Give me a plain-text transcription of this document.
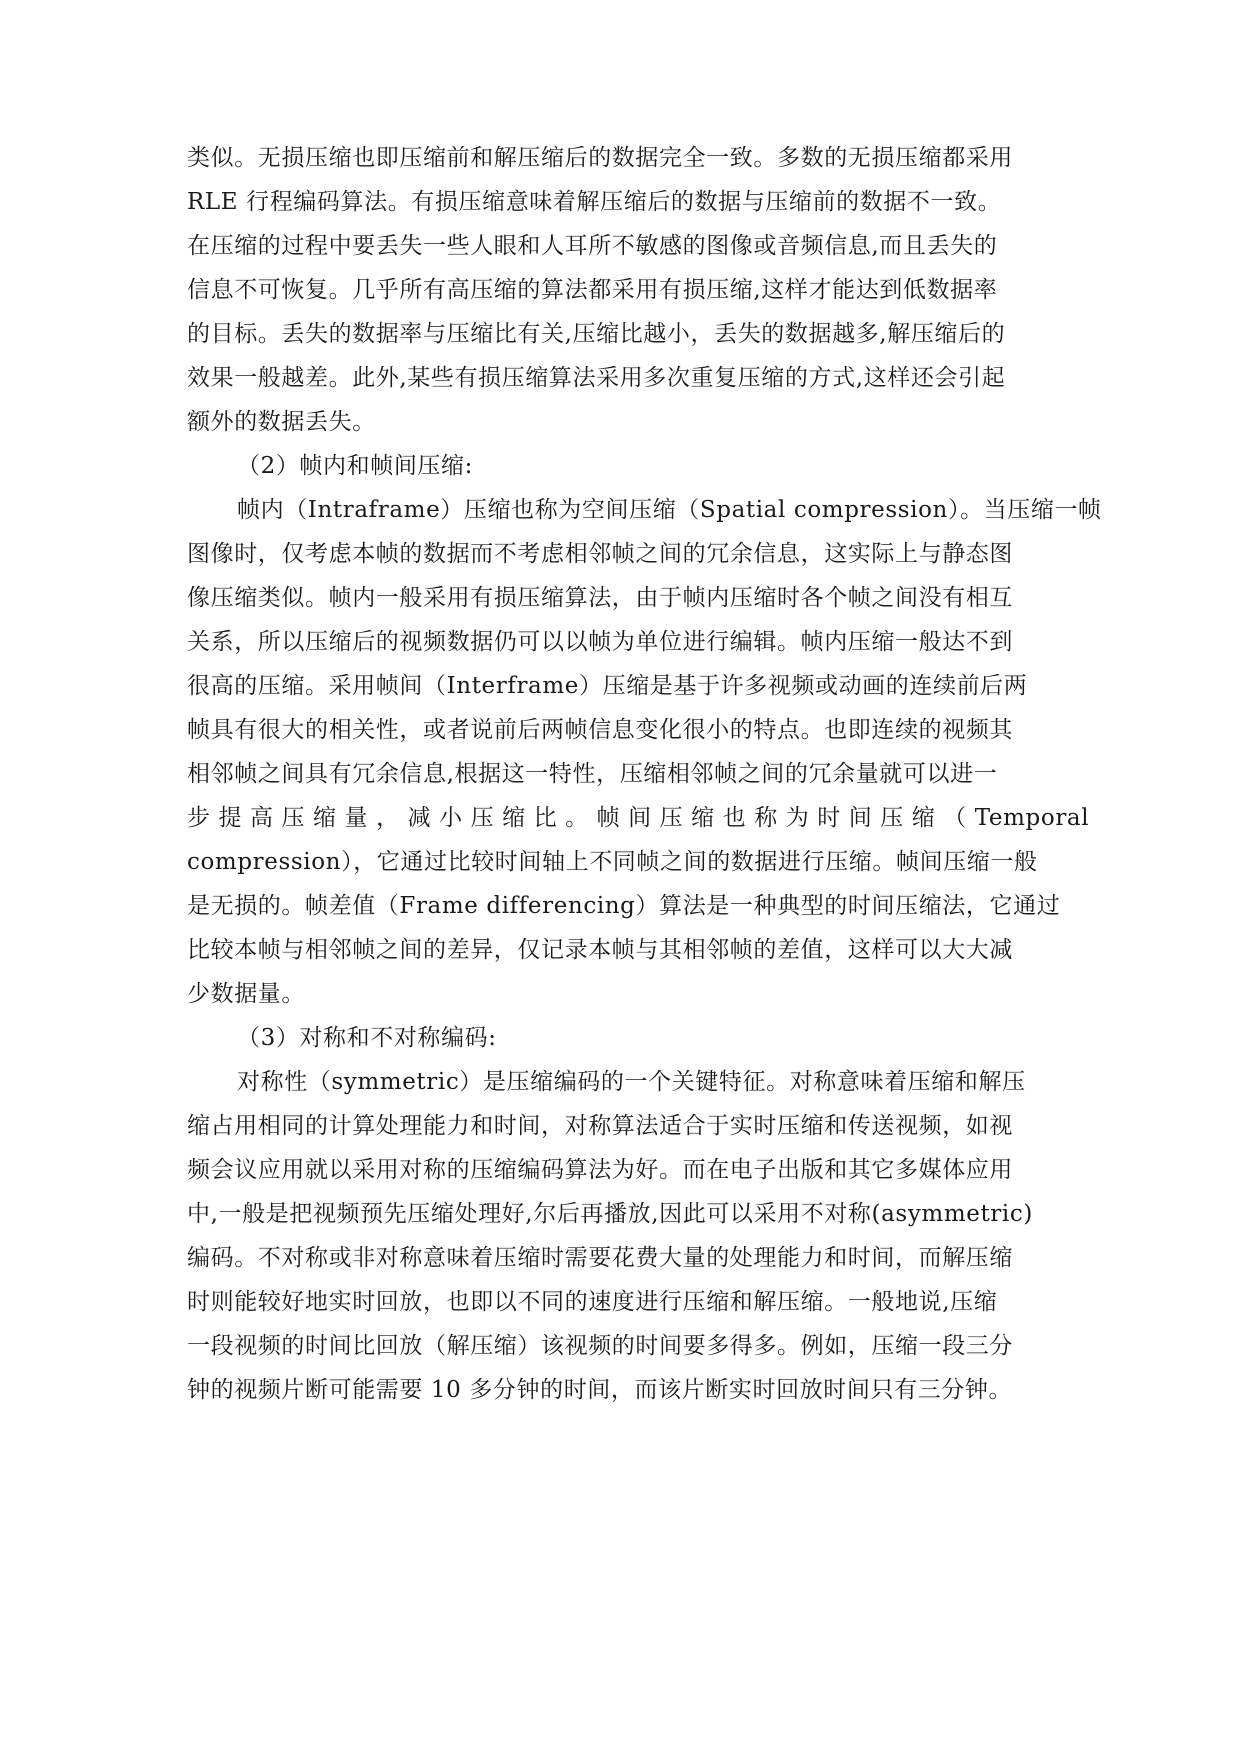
类似。无损压缩也即压缩前和解压缩后的数据完全一致。多数的无损压缩都采用
RLE 行程编码算法。有损压缩意味着解压缩后的数据与压缩前的数据不一致。
在压缩的过程中要丢失一些人眼和人耳所不敏感的图像或音频信息,而且丢失的
信息不可恢复。几乎所有高压缩的算法都采用有损压缩,这样才能达到低数据率
的目标。丢失的数据率与压缩比有关,压缩比越小，丢失的数据越多,解压缩后的
效果一般越差。此外,某些有损压缩算法采用多次重复压缩的方式,这样还会引起
额外的数据丢失。
（2）帧内和帧间压缩:
帧内（Intraframe）压缩也称为空间压缩（Spatial compression）。当压缩一帧
图像时，仅考虑本帧的数据而不考虑相邻帧之间的冗余信息，这实际上与静态图
像压缩类似。帧内一般采用有损压缩算法，由于帧内压缩时各个帧之间没有相互
关系，所以压缩后的视频数据仍可以以帧为单位进行编辑。帧内压缩一般达不到
很高的压缩。采用帧间（Interframe）压缩是基于许多视频或动画的连续前后两
帧具有很大的相关性，或者说前后两帧信息变化很小的特点。也即连续的视频其
相邻帧之间具有冗余信息,根据这一特性，压缩相邻帧之间的冗余量就可以进一
步 提 高 压 缩 量 ， 减 小 压 缩 比 。 帧 间 压 缩 也 称 为 时 间 压 缩 （ Temporal
compression），它通过比较时间轴上不同帧之间的数据进行压缩。帧间压缩一般
是无损的。帧差值（Frame differencing）算法是一种典型的时间压缩法，它通过
比较本帧与相邻帧之间的差异，仅记录本帧与其相邻帧的差值，这样可以大大减
少数据量。
（3）对称和不对称编码:
对称性（symmetric）是压缩编码的一个关键特征。对称意味着压缩和解压
缩占用相同的计算处理能力和时间，对称算法适合于实时压缩和传送视频，如视
频会议应用就以采用对称的压缩编码算法为好。而在电子出版和其它多媒体应用
中,一般是把视频预先压缩处理好,尔后再播放,因此可以采用不对称(asymmetric)
编码。不对称或非对称意味着压缩时需要花费大量的处理能力和时间，而解压缩
时则能较好地实时回放，也即以不同的速度进行压缩和解压缩。一般地说,压缩
一段视频的时间比回放（解压缩）该视频的时间要多得多。例如，压缩一段三分
钟的视频片断可能需要 10 多分钟的时间，而该片断实时回放时间只有三分钟。
